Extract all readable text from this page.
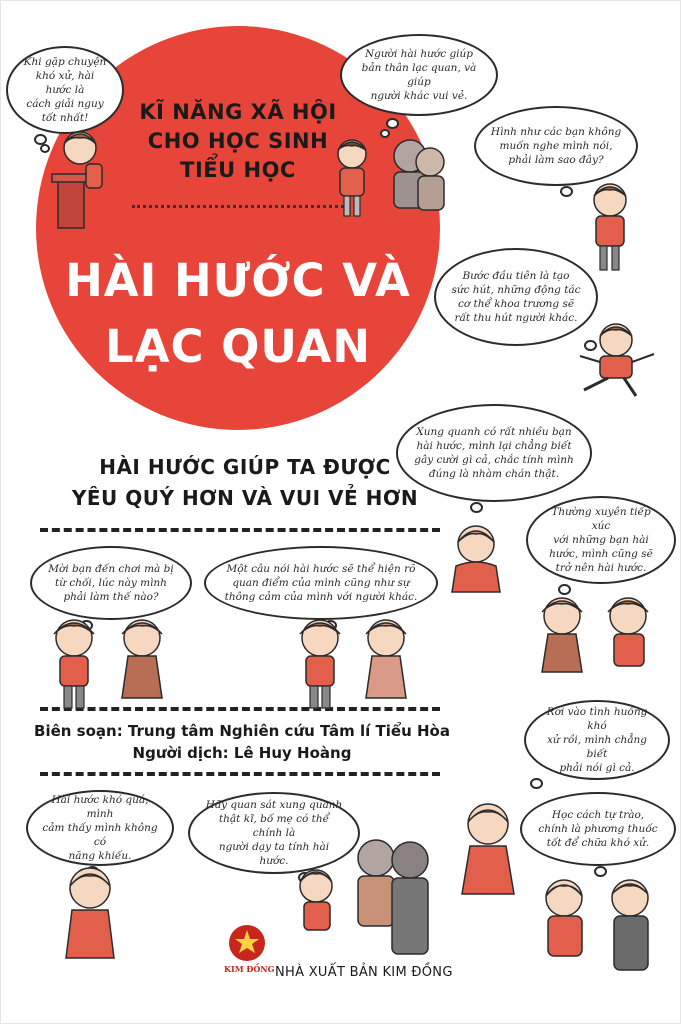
KĨ NĂNG XÃ HỘI
CHO HỌC SINH
TIỂU HỌC
HÀI HƯỚC VÀ
LẠC QUAN
HÀI HƯỚC GIÚP TA ĐƯỢC
YÊU QUÝ HƠN VÀ VUI VẺ HƠN
Biên soạn: Trung tâm Nghiên cứu Tâm lí Tiểu Hòa
Người dịch: Lê Huy Hoàng
Khi gặp chuyện
khó xử, hài hước là
cách giải nguy
tốt nhất!
Người hài hước giúp
bản thân lạc quan, và giúp
người khác vui vẻ.
Hình như các bạn không
muốn nghe mình nói,
phải làm sao đây?
Bước đầu tiên là tạo
sức hút, những động tác
cơ thể khoa trương sẽ
rất thu hút người khác.
Xung quanh có rất nhiều bạn
hài hước, mình lại chẳng biết
gây cười gì cả, chắc tính mình
đúng là nhàm chán thật.
Thường xuyên tiếp xúc
với những bạn hài
hước, mình cũng sẽ
trở nên hài hước.
Mời bạn đến chơi mà bị
từ chối, lúc này mình
phải làm thế nào?
Một câu nói hài hước sẽ thể hiện rõ
quan điểm của mình cũng như sự
thông cảm của mình với người khác.
Rơi vào tình huống khó
xử rồi, mình chẳng biết
phải nói gì cả.
Hài hước khó quá, mình
cảm thấy mình không có
năng khiếu.
Hãy quan sát xung quanh
thật kĩ, bố mẹ có thể chính là
người dạy ta tính hài hước.
Học cách tự trào,
chính là phương thuốc
tốt để chữa khó xử.
KIM ĐỒNG NHÀ XUẤT BẢN KIM ĐỒNG
